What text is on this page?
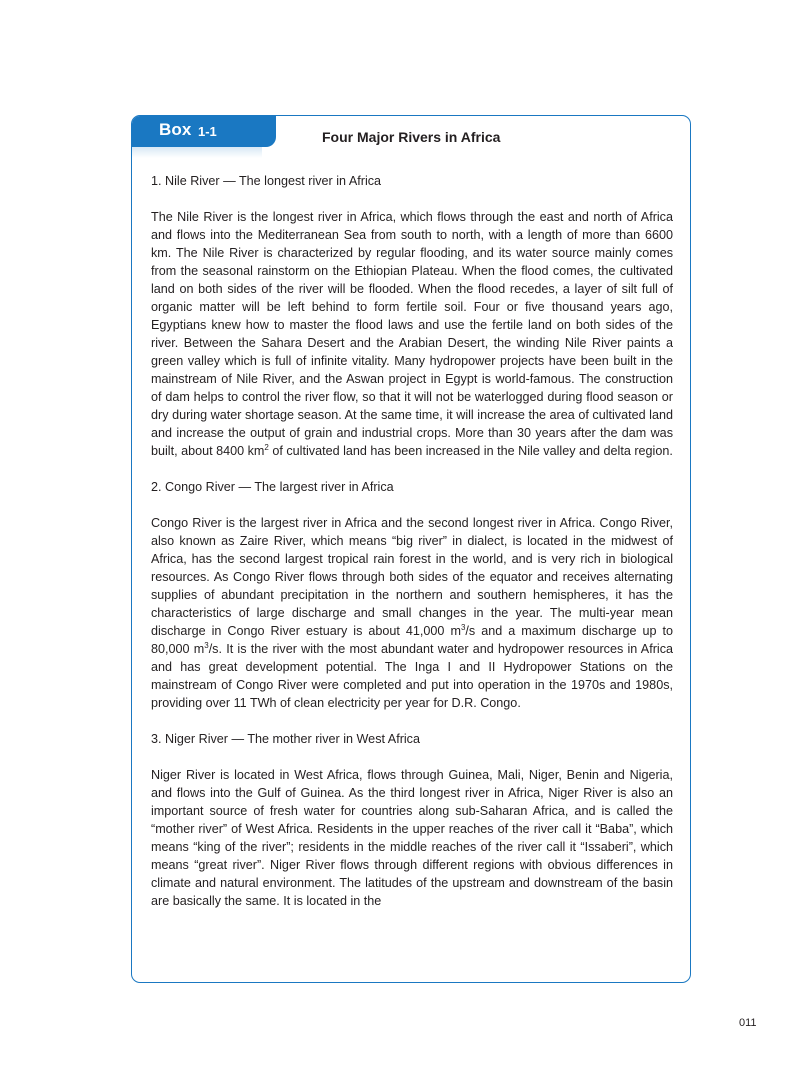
Box 1-1	Four Major Rivers in Africa
1. Nile River — The longest river in Africa

The Nile River is the longest river in Africa, which flows through the east and north of Africa and flows into the Mediterranean Sea from south to north, with a length of more than 6600 km. The Nile River is characterized by regular flooding, and its water source mainly comes from the seasonal rainstorm on the Ethiopian Plateau. When the flood comes, the cultivated land on both sides of the river will be flooded. When the flood recedes, a layer of silt full of organic matter will be left behind to form fertile soil. Four or five thousand years ago, Egyptians knew how to master the flood laws and use the fertile land on both sides of the river. Between the Sahara Desert and the Arabian Desert, the winding Nile River paints a green valley which is full of infinite vitality. Many hydropower projects have been built in the mainstream of Nile River, and the Aswan project in Egypt is world-famous. The construction of dam helps to control the river flow, so that it will not be waterlogged during flood season or dry during water shortage season. At the same time, it will increase the area of cultivated land and increase the output of grain and industrial crops. More than 30 years after the dam was built, about 8400 $km^2$ of cultivated land has been increased in the Nile valley and delta region.

2. Congo River — The largest river in Africa

Congo River is the largest river in Africa and the second longest river in Africa. Congo River, also known as Zaire River, which means “big river” in dialect, is located in the midwest of Africa, has the second largest tropical rain forest in the world, and is very rich in biological resources. As Congo River flows through both sides of the equator and receives alternating supplies of abundant precipitation in the northern and southern hemispheres, it has the characteristics of large discharge and small changes in the year. The multi-year mean discharge in Congo River estuary is about 41,000 $m^3/s$ and a maximum discharge up to 80,000 $m^3/s$. It is the river with the most abundant water and hydropower resources in Africa and has great development potential. The Inga I and II Hydropower Stations on the mainstream of Congo River were completed and put into operation in the 1970s and 1980s, providing over 11 TWh of clean electricity per year for D.R. Congo.

3. Niger River — The mother river in West Africa

Niger River is located in West Africa, flows through Guinea, Mali, Niger, Benin and Nigeria, and flows into the Gulf of Guinea. As the third longest river in Africa, Niger River is also an important source of fresh water for countries along sub-Saharan Africa, and is called the “mother river” of West Africa. Residents in the upper reaches of the river call it “Baba”, which means “king of the river”; residents in the middle reaches of the river call it “Issaberi”, which means “great river”. Niger River flows through different regions with obvious differences in climate and natural environment. The latitudes of the upstream and downstream of the basin are basically the same. It is located in the

011
